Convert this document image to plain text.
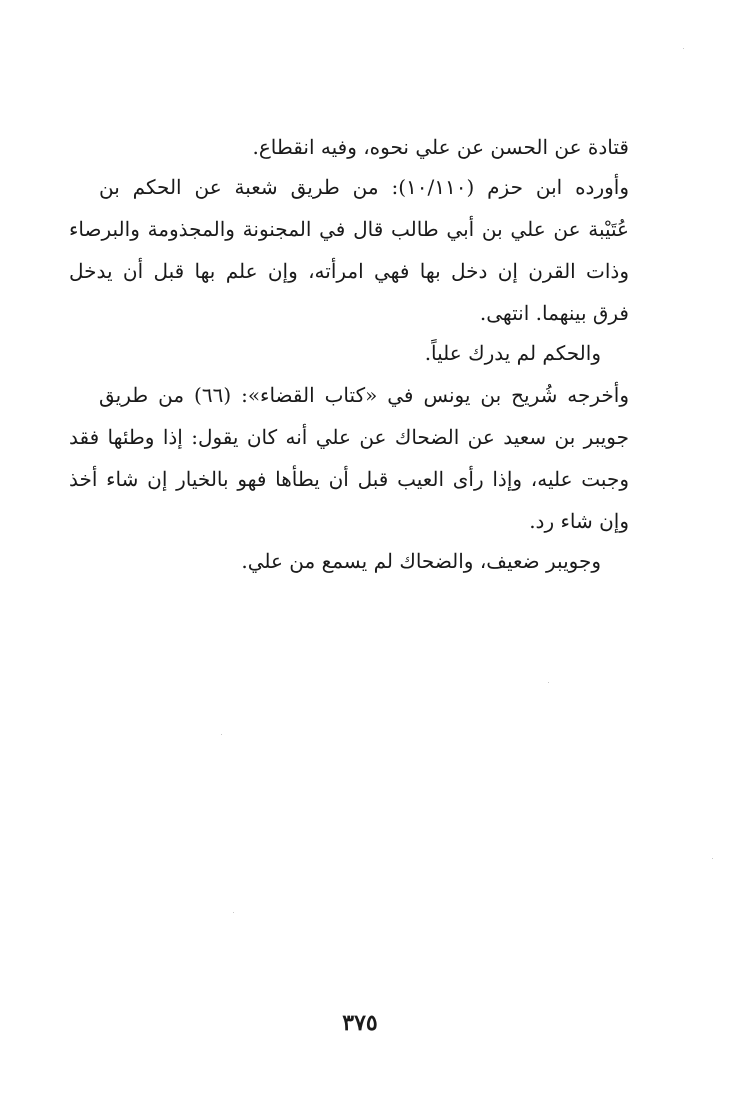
قتادة عن الحسن عن علي نحوه، وفيه انقطاع.
وأورده ابن حزم (١٠/١١٠): من طريق شعبة عن الحكم بن
عُتَيْبة عن علي بن أبي طالب قال في المجنونة والمجذومة والبرصاء
وذات القرن إن دخل بها فهي امرأته، وإن علم بها قبل أن يدخل
فرق بينهما. انتهى.
والحكم لم يدرك علياً.
وأخرجه شُريح بن يونس في «كتاب القضاء»: (٦٦) من طريق
جويبر بن سعيد عن الضحاك عن علي أنه كان يقول: إذا وطئها فقد
وجبت عليه، وإذا رأى العيب قبل أن يطأها فهو بالخيار إن شاء أخذ
وإن شاء رد.
وجويبر ضعيف، والضحاك لم يسمع من علي.
٣٧٥
